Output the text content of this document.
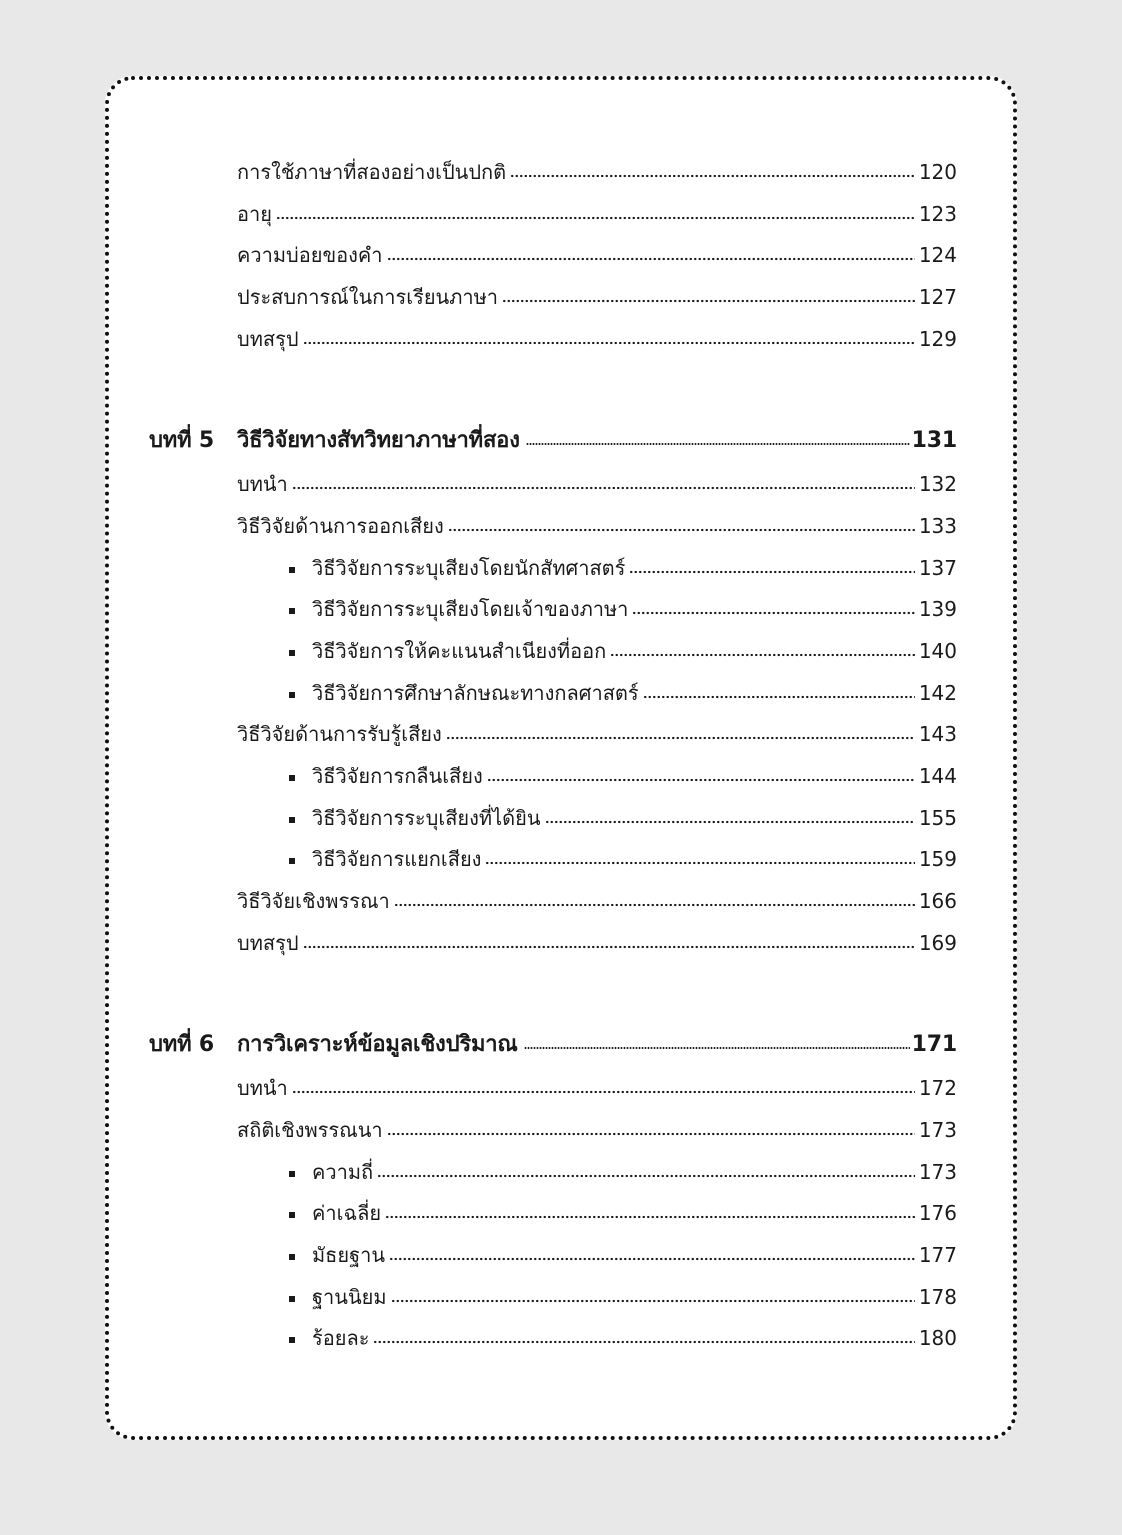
การใช้ภาษาที่สองอย่างเป็นปกติ	120
อายุ	123
ความบ่อยของคำ	124
ประสบการณ์ในการเรียนภาษา	127
บทสรุป	129
บทที่ 5	วิธีวิจัยทางสัทวิทยาภาษาที่สอง	131
บทนำ	132
วิธีวิจัยด้านการออกเสียง	133
วิธีวิจัยการระบุเสียงโดยนักสัทศาสตร์	137
วิธีวิจัยการระบุเสียงโดยเจ้าของภาษา	139
วิธีวิจัยการให้คะแนนสำเนียงที่ออก	140
วิธีวิจัยการศึกษาลักษณะทางกลศาสตร์	142
วิธีวิจัยด้านการรับรู้เสียง	143
วิธีวิจัยการกลืนเสียง	144
วิธีวิจัยการระบุเสียงที่ได้ยิน	155
วิธีวิจัยการแยกเสียง	159
วิธีวิจัยเชิงพรรณา	166
บทสรุป	169
บทที่ 6	การวิเคราะห์ข้อมูลเชิงปริมาณ	171
บทนำ	172
สถิติเชิงพรรณนา	173
ความถี่	173
ค่าเฉลี่ย	176
มัธยฐาน	177
ฐานนิยม	178
ร้อยละ	180
